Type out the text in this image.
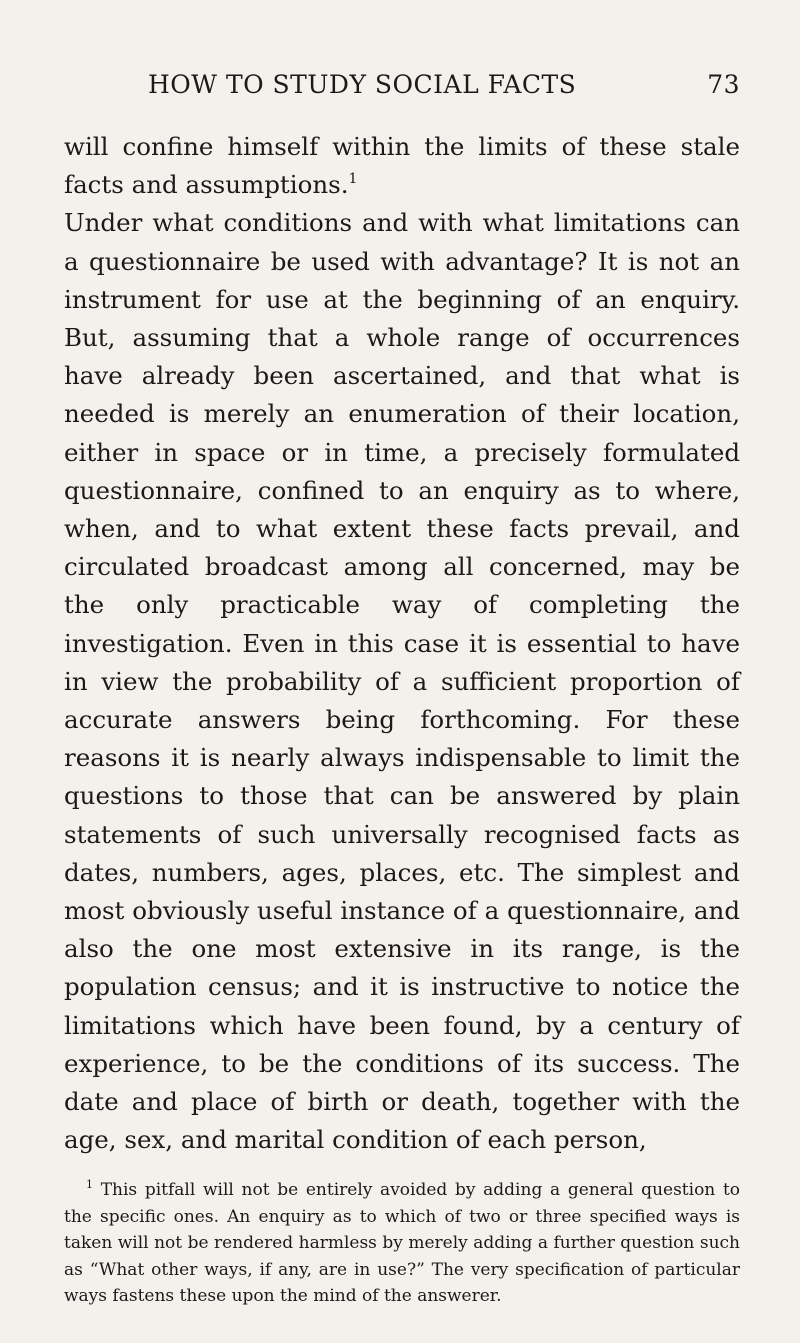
HOW TO STUDY SOCIAL FACTS	73

will confine himself within the limits of these stale facts and assumptions.$^1$

Under what conditions and with what limitations can a questionnaire be used with advantage? It is not an instrument for use at the beginning of an enquiry. But, assuming that a whole range of occurrences have already been ascertained, and that what is needed is merely an enumeration of their location, either in space or in time, a precisely formulated questionnaire, confined to an enquiry as to where, when, and to what extent these facts prevail, and circulated broadcast among all concerned, may be the only practicable way of completing the investigation. Even in this case it is essential to have in view the probability of a sufficient proportion of accurate answers being forthcoming. For these reasons it is nearly always indispensable to limit the questions to those that can be answered by plain statements of such universally recognised facts as dates, numbers, ages, places, etc. The simplest and most obviously useful instance of a questionnaire, and also the one most extensive in its range, is the population census; and it is instructive to notice the limitations which have been found, by a century of experience, to be the conditions of its success. The date and place of birth or death, together with the age, sex, and marital condition of each person,

$^1$ This pitfall will not be entirely avoided by adding a general question to the specific ones. An enquiry as to which of two or three specified ways is taken will not be rendered harmless by merely adding a further question such as “What other ways, if any, are in use?” The very specification of particular ways fastens these upon the mind of the answerer.
